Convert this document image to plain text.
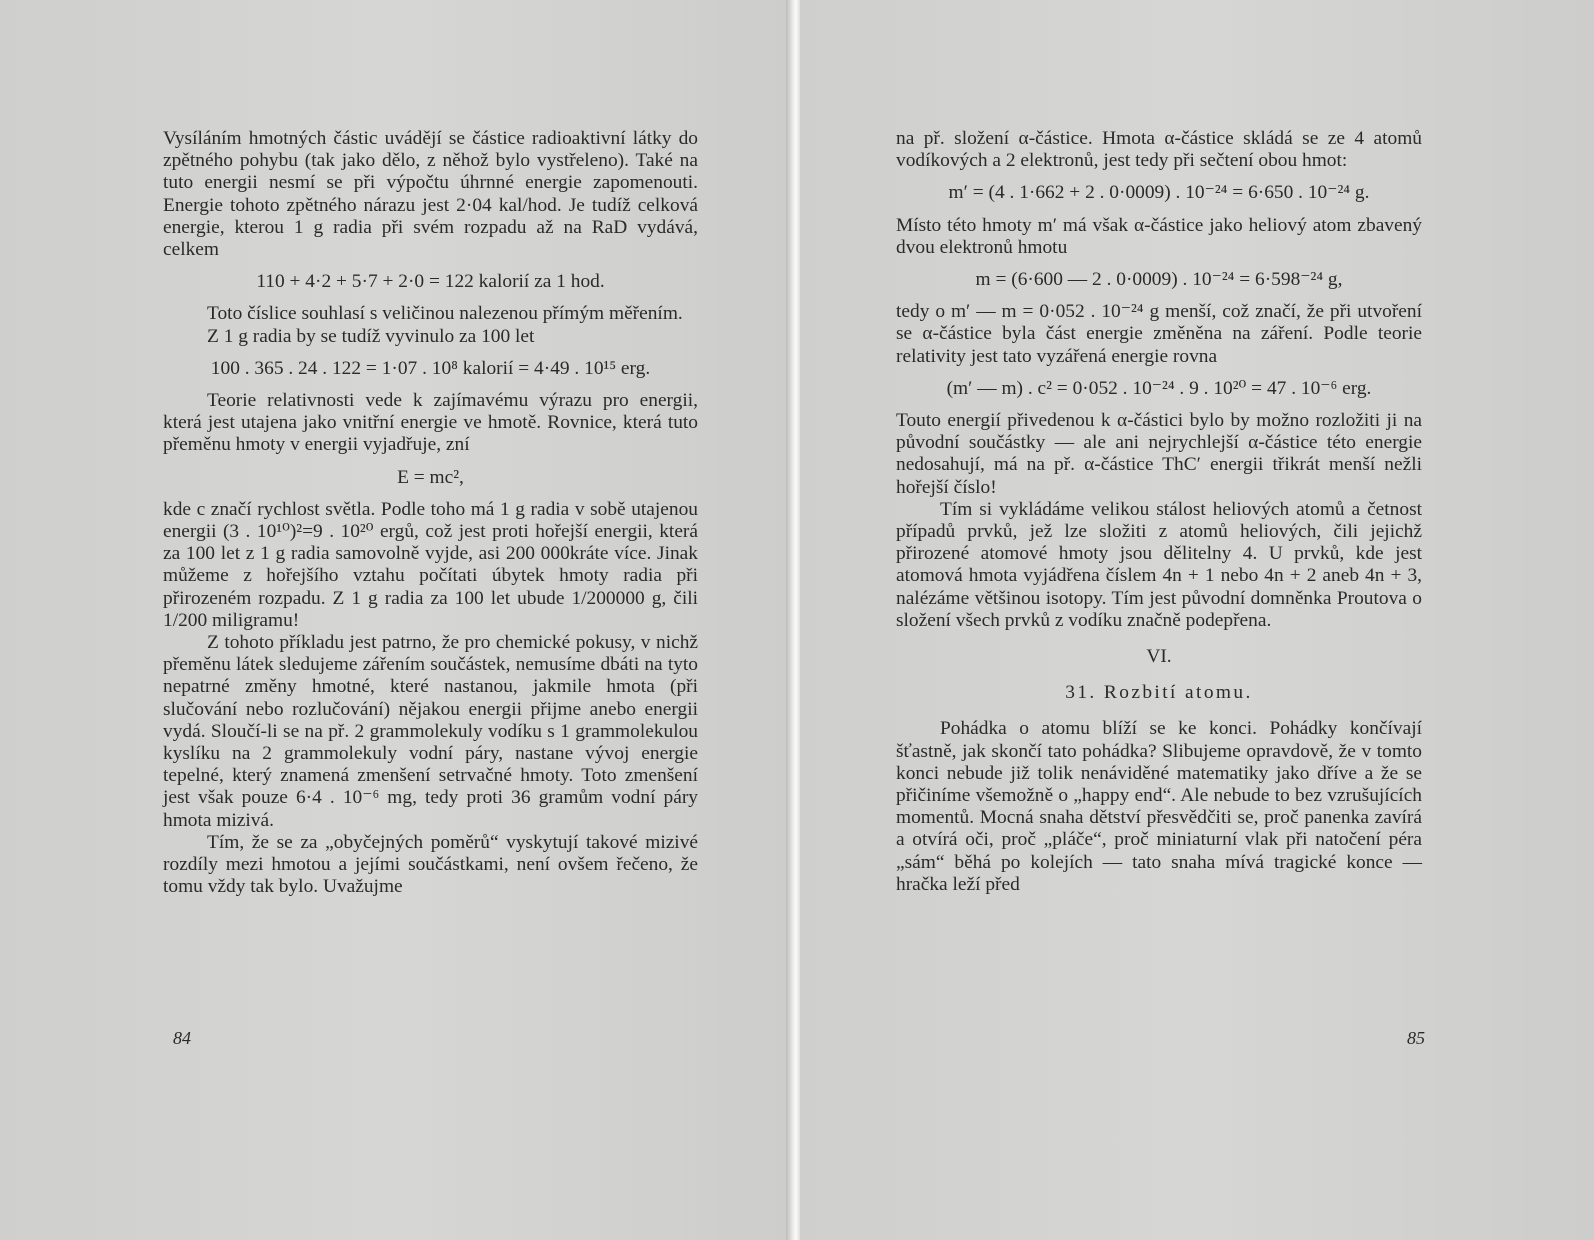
Vysíláním hmotných částic uvádějí se částice radioaktivní látky do zpětného pohybu (tak jako dělo, z něhož bylo vystřeleno). Také na tuto energii nesmí se při výpočtu úhrnné energie zapomenouti. Energie tohoto zpětného nárazu jest 2·04 kal/hod. Je tudíž celková energie, kterou 1 g radia při svém rozpadu až na RaD vydává, celkem

110 + 4·2 + 5·7 + 2·0 = 122 kalorií za 1 hod.

Toto číslice souhlasí s veličinou nalezenou přímým měřením.

Z 1 g radia by se tudíž vyvinulo za 100 let

100 . 365 . 24 . 122 = 1·07 . 10⁸ kalorií = 4·49 . 10¹⁵ erg.

Teorie relativnosti vede k zajímavému výrazu pro energii, která jest utajena jako vnitřní energie ve hmotě. Rovnice, která tuto přeměnu hmoty v energii vyjadřuje, zní

E = mc²,

kde c značí rychlost světla. Podle toho má 1 g radia v sobě utajenou energii (3 . 10¹⁰)²=9 . 10²⁰ ergů, což jest proti hořejší energii, která za 100 let z 1 g radia samovolně vyjde, asi 200 000kráte více. Jinak můžeme z hořejšího vztahu počítati úbytek hmoty radia při přirozeném rozpadu. Z 1 g radia za 100 let ubude 1/200000 g, čili 1/200 miligramu!

Z tohoto příkladu jest patrno, že pro chemické pokusy, v nichž přeměnu látek sledujeme zářením součástek, nemusíme dbáti na tyto nepatrné změny hmotné, které nastanou, jakmile hmota (při slučování nebo rozlučování) nějakou energii přijme anebo energii vydá. Sloučí-li se na př. 2 grammolekuly vodíku s 1 grammolekulou kyslíku na 2 grammolekuly vodní páry, nastane vývoj energie tepelné, který znamená zmenšení setrvačné hmoty. Toto zmenšení jest však pouze 6·4 . 10⁻⁶ mg, tedy proti 36 gramům vodní páry hmota mizivá.

Tím, že se za „obyčejných poměrů“ vyskytují takové mizivé rozdíly mezi hmotou a jejími součástkami, není ovšem řečeno, že tomu vždy tak bylo. Uvažujme

84

na př. složení α-částice. Hmota α-částice skládá se ze 4 atomů vodíkových a 2 elektronů, jest tedy při sečtení obou hmot:

m′ = (4 . 1·662 + 2 . 0·0009) . 10⁻²⁴ = 6·650 . 10⁻²⁴ g.

Místo této hmoty m′ má však α-částice jako heliový atom zbavený dvou elektronů hmotu

m = (6·600 — 2 . 0·0009) . 10⁻²⁴ = 6·598⁻²⁴ g,

tedy o m′ — m = 0·052 . 10⁻²⁴ g menší, což značí, že při utvoření se α-částice byla část energie změněna na záření. Podle teorie relativity jest tato vyzářená energie rovna

(m′ — m) . c² = 0·052 . 10⁻²⁴ . 9 . 10²⁰ = 47 . 10⁻⁶ erg.

Touto energií přivedenou k α-částici bylo by možno rozložiti ji na původní součástky — ale ani nejrychlejší α-částice této energie nedosahují, má na př. α-částice ThC′ energii třikrát menší nežli hořejší číslo!

Tím si vykládáme velikou stálost heliových atomů a četnost případů prvků, jež lze složiti z atomů heliových, čili jejichž přirozené atomové hmoty jsou dělitelny 4. U prvků, kde jest atomová hmota vyjádřena číslem 4n + 1 nebo 4n + 2 aneb 4n + 3, nalézáme většinou isotopy. Tím jest původní domněnka Proutova o složení všech prvků z vodíku značně podepřena.

VI.

31. Rozbití atomu.

Pohádka o atomu blíží se ke konci. Pohádky končívají šťastně, jak skončí tato pohádka? Slibujeme opravdově, že v tomto konci nebude již tolik nenáviděné matematiky jako dříve a že se přičiníme všemožně o „happy end“. Ale nebude to bez vzrušujících momentů. Mocná snaha dětství přesvědčiti se, proč panenka zavírá a otvírá oči, proč „pláče“, proč miniaturní vlak při natočení péra „sám“ běhá po kolejích — tato snaha mívá tragické konce — hračka leží před

85
